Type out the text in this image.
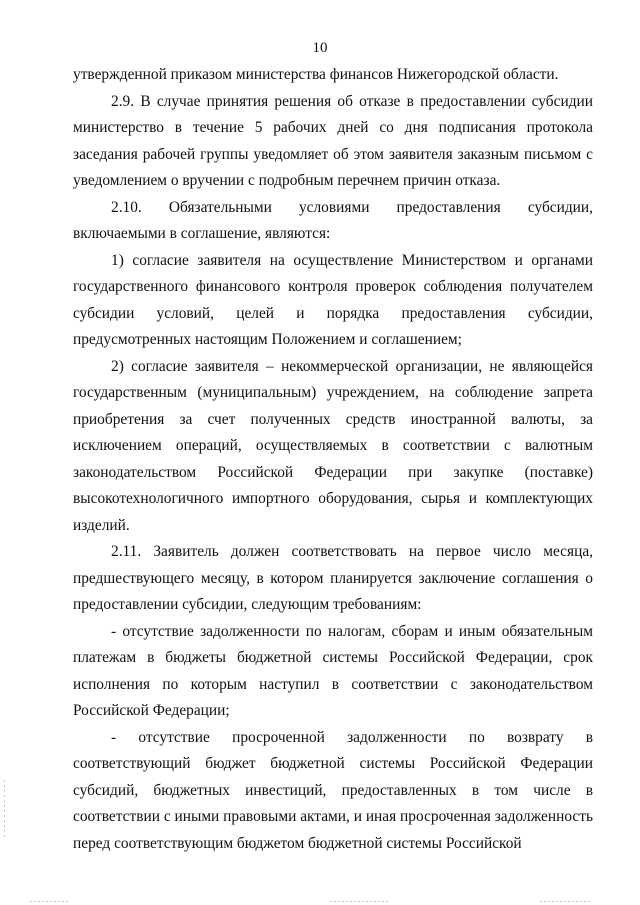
10

утвержденной приказом министерства финансов Нижегородской области.

2.9. В случае принятия решения об отказе в предоставлении субсидии министерство в течение 5 рабочих дней со дня подписания протокола заседания рабочей группы уведомляет об этом заявителя заказным письмом с уведомлением о вручении с подробным перечнем причин отказа.

2.10. Обязательными условиями предоставления субсидии, включаемыми в соглашение, являются:

1) согласие заявителя на осуществление Министерством и органами государственного финансового контроля проверок соблюдения получателем субсидии условий, целей и порядка предоставления субсидии, предусмотренных настоящим Положением и соглашением;

2) согласие заявителя – некоммерческой организации, не являющейся государственным (муниципальным) учреждением, на соблюдение запрета приобретения за счет полученных средств иностранной валюты, за исключением операций, осуществляемых в соответствии с валютным законодательством Российской Федерации при закупке (поставке) высокотехнологичного импортного оборудования, сырья и комплектующих изделий.

2.11. Заявитель должен соответствовать на первое число месяца, предшествующего месяцу, в котором планируется заключение соглашения о предоставлении субсидии, следующим требованиям:

- отсутствие задолженности по налогам, сборам и иным обязательным платежам в бюджеты бюджетной системы Российской Федерации, срок исполнения по которым наступил в соответствии с законодательством Российской Федерации;

- отсутствие просроченной задолженности по возврату в соответствующий бюджет бюджетной системы Российской Федерации субсидий, бюджетных инвестиций, предоставленных в том числе в соответствии с иными правовыми актами, и иная просроченная задолженность перед соответствующим бюджетом бюджетной системы Российской
